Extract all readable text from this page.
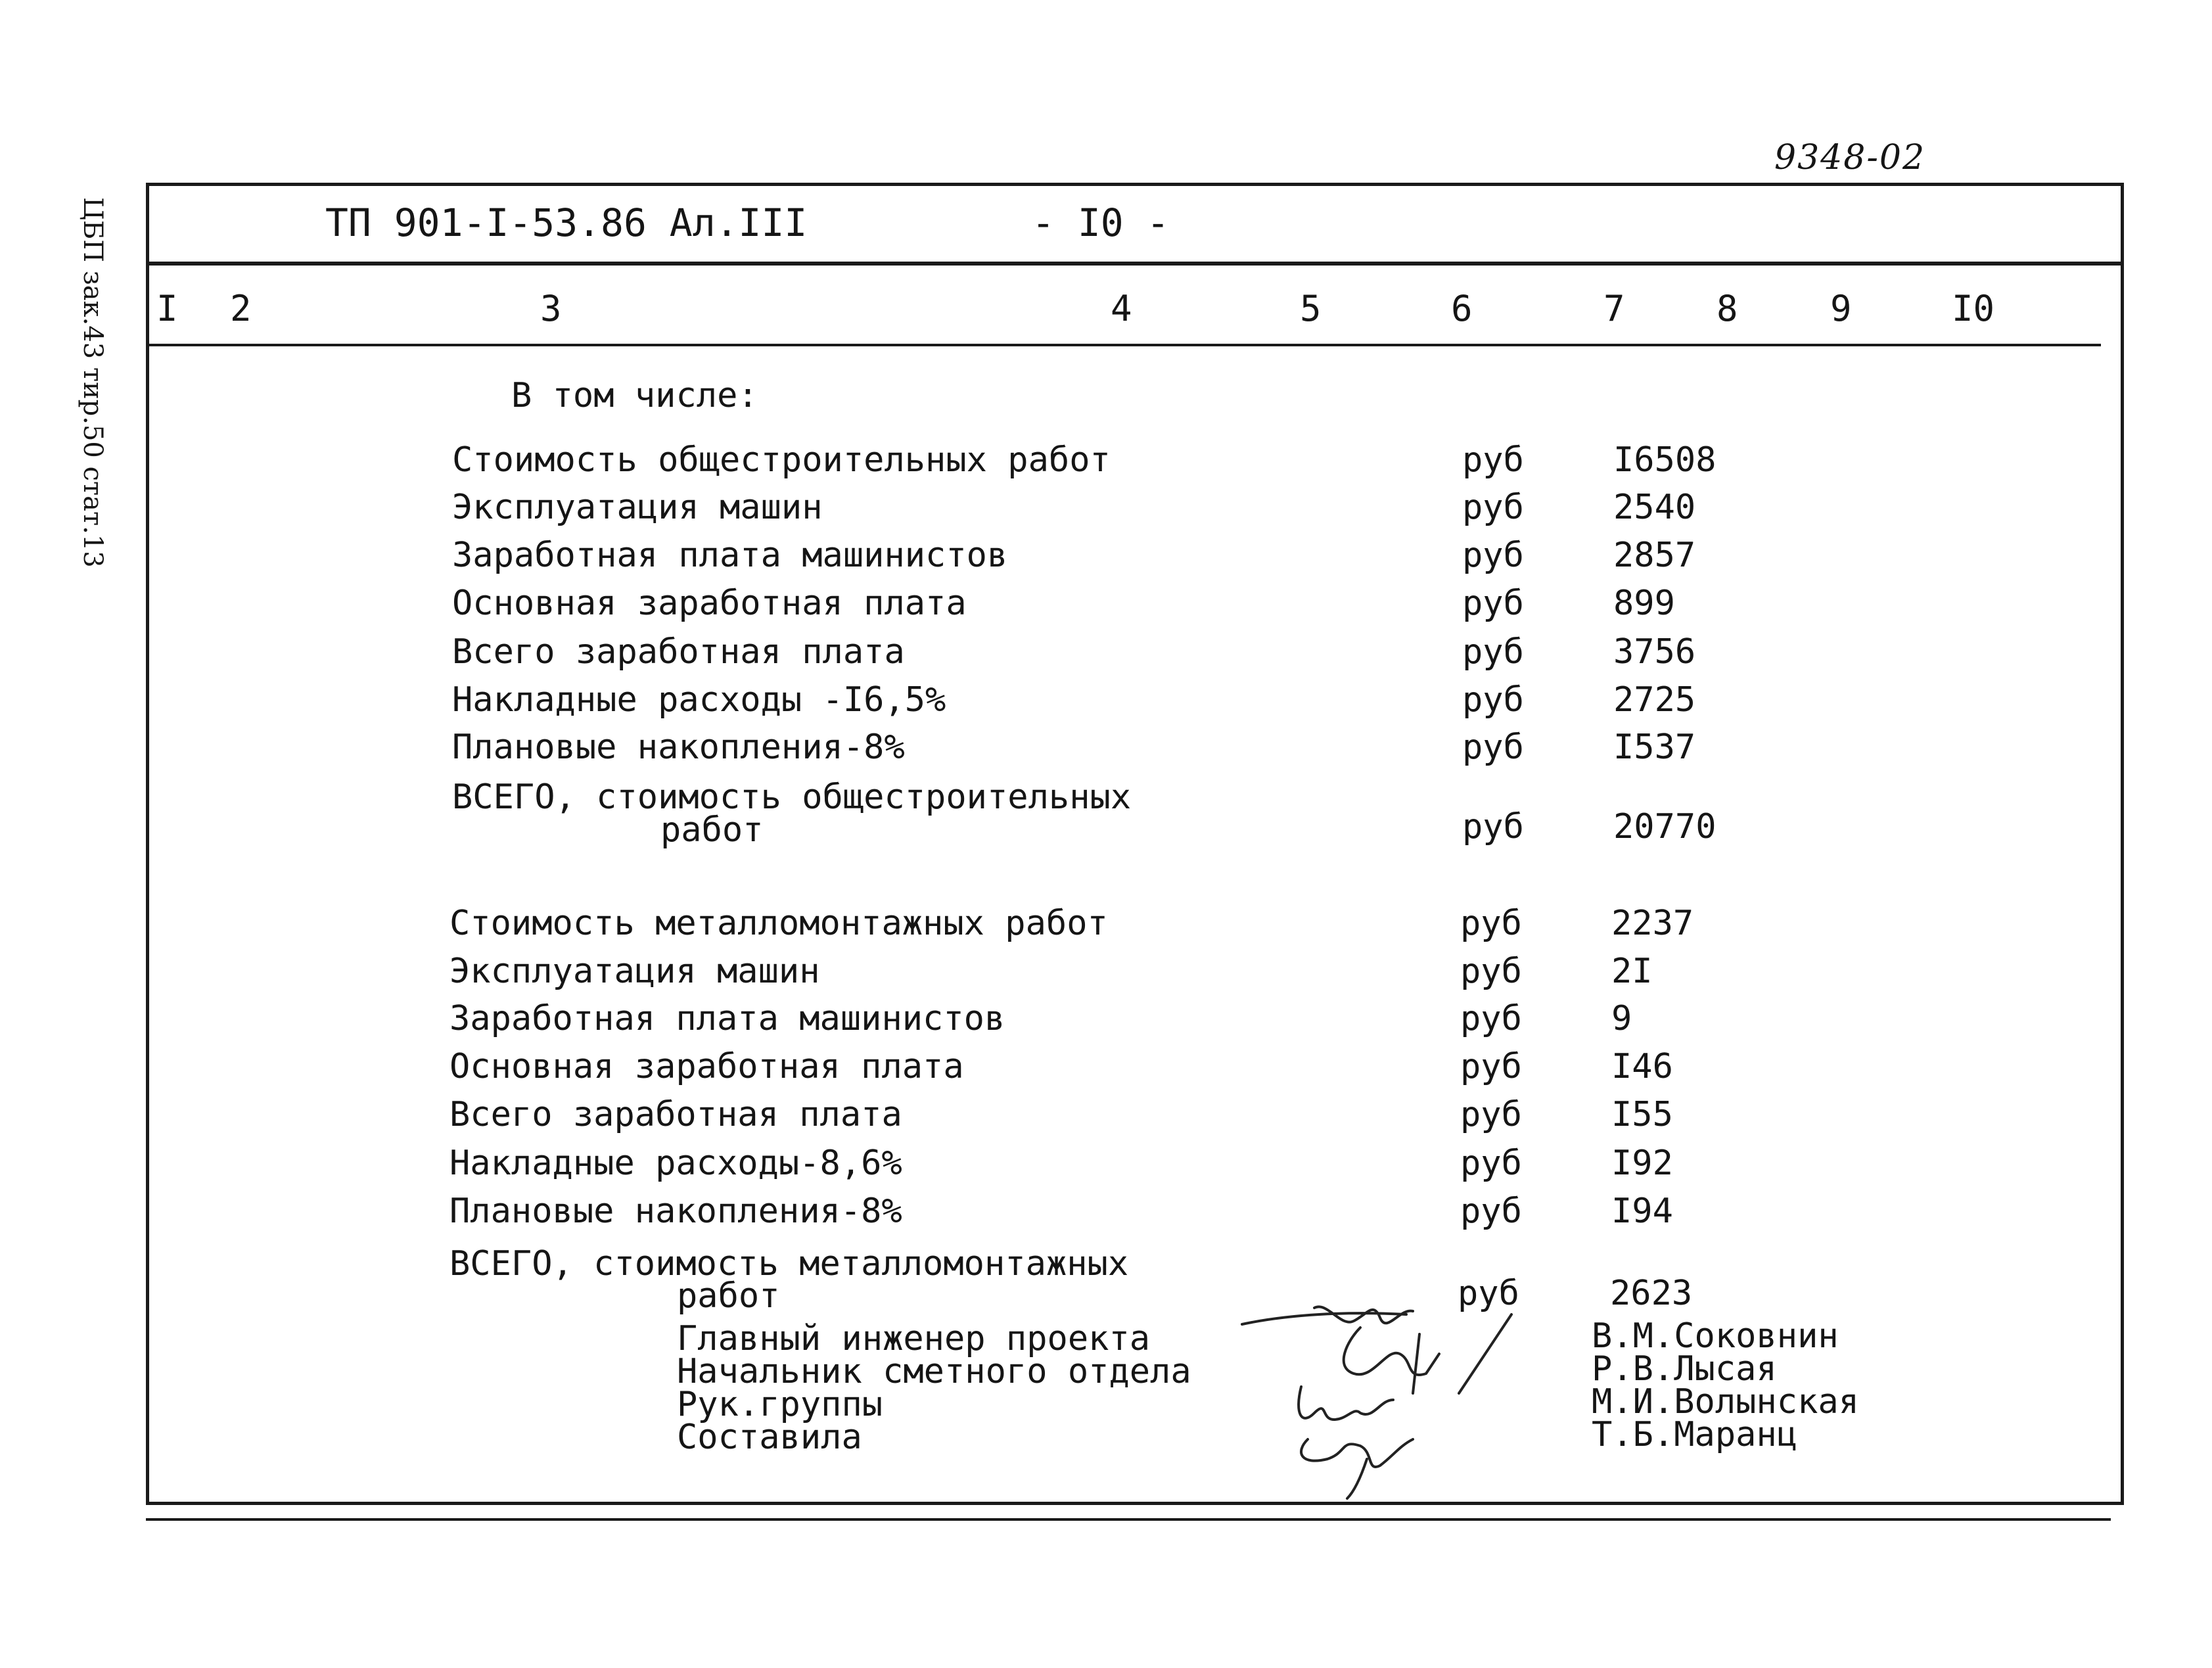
9348-02
ЦБП зак.43 тир.50 стат.13	ТП 901-I-53.86 Ал.III	- I0 -
I 2	3	4	5	6	7	8	9	I0
В том числе:
Стоимость общестроительных работ	руб	I6508
Эксплуатация машин	руб	2540
Заработная плата машинистов	руб	2857
Основная заработная плата	руб	899
Всего заработная плата	руб	3756
Накладные расходы -I6,5%	руб	2725
Плановые накопления-8%	руб	I537
ВСЕГО, стоимость общестроительных
работ	руб	20770
Стоимость металломонтажных работ	руб	2237
Эксплуатация машин	руб	2I
Заработная плата машинистов	руб	9
Основная заработная плата	руб	I46
Всего заработная плата	руб	I55
Накладные расходы-8,6%	руб	I92
Плановые накопления-8%	руб	I94
ВСЕГО, стоимость металломонтажных
работ	руб	2623
Главный инженер проекта	В.М.Соковнин
Начальник сметного отдела	Р.В.Лысая
Рук.группы	М.И.Волынская
Составила	Т.Б.Маранц
